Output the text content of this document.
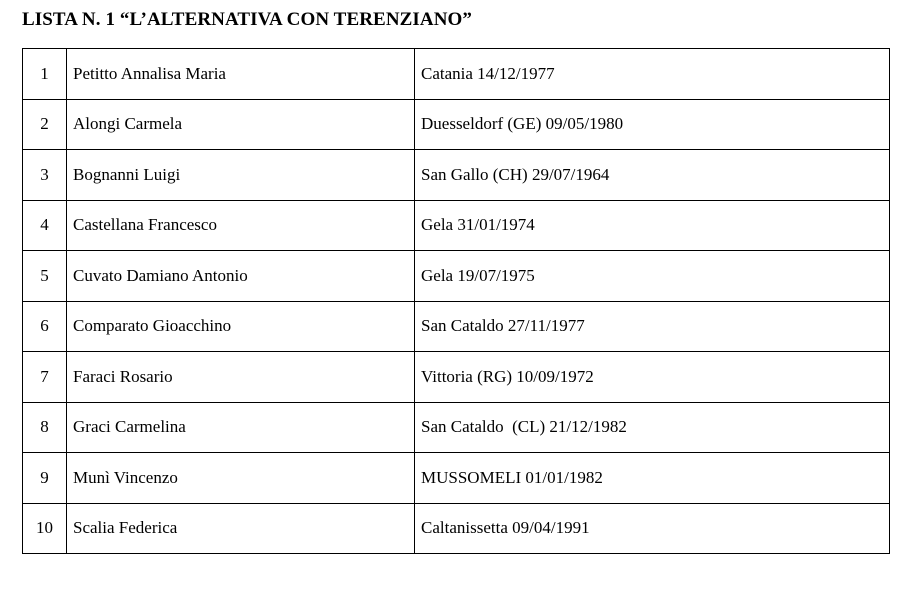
LISTA N. 1 “L’ALTERNATIVA CON TERENZIANO”
1	Petitto Annalisa Maria	Catania 14/12/1977
2	Alongi Carmela	Duesseldorf (GE) 09/05/1980
3	Bognanni Luigi	San Gallo (CH) 29/07/1964
4	Castellana Francesco	Gela 31/01/1974
5	Cuvato Damiano Antonio	Gela 19/07/1975
6	Comparato Gioacchino	San Cataldo 27/11/1977
7	Faraci Rosario	Vittoria (RG) 10/09/1972
8	Graci Carmelina	San Cataldo  (CL) 21/12/1982
9	Munì Vincenzo	MUSSOMELI 01/01/1982
10	Scalia Federica	Caltanissetta 09/04/1991
